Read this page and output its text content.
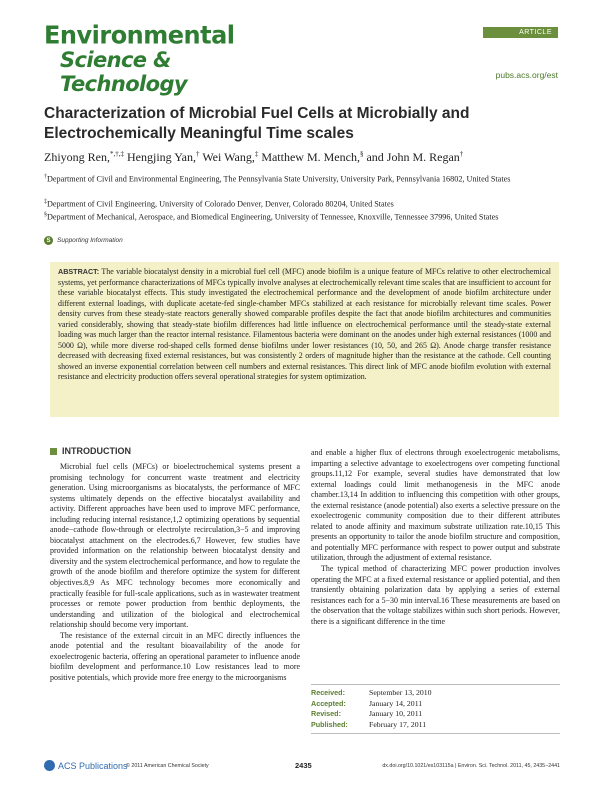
Environmental
Science & Technology
ARTICLE
pubs.acs.org/est
Characterization of Microbial Fuel Cells at Microbially and Electrochemically Meaningful Time scales
Zhiyong Ren,*,†,‡ Hengjing Yan,† Wei Wang,‡ Matthew M. Mench,§ and John M. Regan†
†Department of Civil and Environmental Engineering, The Pennsylvania State University, University Park, Pennsylvania 16802, United States
‡Department of Civil Engineering, University of Colorado Denver, Denver, Colorado 80204, United States
§Department of Mechanical, Aerospace, and Biomedical Engineering, University of Tennessee, Knoxville, Tennessee 37996, United States
S	Supporting Information
ABSTRACT: The variable biocatalyst density in a microbial fuel cell (MFC) anode biofilm is a unique feature of MFCs relative to other electrochemical systems, yet performance characterizations of MFCs typically involve analyses at electrochemically relevant time scales that are insufficient to account for these variable biocatalyst effects. This study investigated the electrochemical performance and the development of anode biofilm architecture under different external loadings, with duplicate acetate-fed single-chamber MFCs stabilized at each resistance for microbially relevant time scales. Power density curves from these steady-state reactors generally showed comparable profiles despite the fact that anode biofilm architectures and communities varied considerably, showing that steady-state biofilm differences had little influence on electrochemical performance until the steady-state external loading was much larger than the reactor internal resistance. Filamentous bacteria were dominant on the anodes under high external resistances (1000 and 5000 Ω), while more diverse rod-shaped cells formed dense biofilms under lower resistances (10, 50, and 265 Ω). Anode charge transfer resistance decreased with decreasing fixed external resistances, but was consistently 2 orders of magnitude higher than the resistance at the cathode. Cell counting showed an inverse exponential correlation between cell numbers and external resistances. This direct link of MFC anode biofilm evolution with external resistance and electricity production offers several operational strategies for system optimization.
INTRODUCTION

Microbial fuel cells (MFCs) or bioelectrochemical systems present a promising technology for concurrent waste treatment and electricity generation. Using microorganisms as biocatalysts, the performance of MFC systems ultimately depends on the effective biocatalyst availability and activity. Different approaches have been used to improve MFC performance, including reducing internal resistance,1,2 optimizing operations by sequential anode−cathode flow-through or electrolyte recirculation,3−5 and improving biocatalyst attachment on the electrodes.6,7 However, few studies have provided information on the relationship between biocatalyst density and diversity and the system electrochemical performance, and how to regulate the growth of the anode biofilm and therefore optimize the system for different objectives.8,9 As MFC technology becomes more economically and practically feasible for full-scale applications, such as in wastewater treatment processes or remote power production from benthic deployments, the understanding and utilization of the biological and electrochemical relationship should become very important.

The resistance of the external circuit in an MFC directly influences the anode potential and the resultant bioavailability of the anode for exoelectrogenic bacteria, offering an operational parameter to influence anode biofilm development and performance.10 Low resistances lead to more positive potentials, which provide more free energy to the microorganisms

and enable a higher flux of electrons through exoelectrogenic metabolisms, imparting a selective advantage to exoelectrogens over competing functional groups.11,12 For example, several studies have demonstrated that low external loadings could limit methanogenesis in the MFC anode chamber.13,14 In addition to influencing this competition with other groups, the external resistance (anode potential) also exerts a selective pressure on the exoelectrogenic community composition due to their different attributes related to anode affinity and maximum substrate utilization rate.10,15 This presents an opportunity to tailor the anode biofilm structure and composition, and potentially MFC performance with respect to power output and substrate utilization, through the adjustment of external resistance.

The typical method of characterizing MFC power production involves operating the MFC at a fixed external resistance or applied potential, and then transiently obtaining polarization data by applying a series of external resistances each for a 5−30 min interval.16 These measurements are based on the observation that the voltage stabilizes within such short periods. However, there is a significant difference in the time

Received:	September 13, 2010
Accepted:	January 14, 2011
Revised:	January 10, 2011
Published:	February 17, 2011
ACS Publications
© 2011 American Chemical Society	2435	dx.doi.org/10.1021/es103115a | Environ. Sci. Technol. 2011, 45, 2435−2441
